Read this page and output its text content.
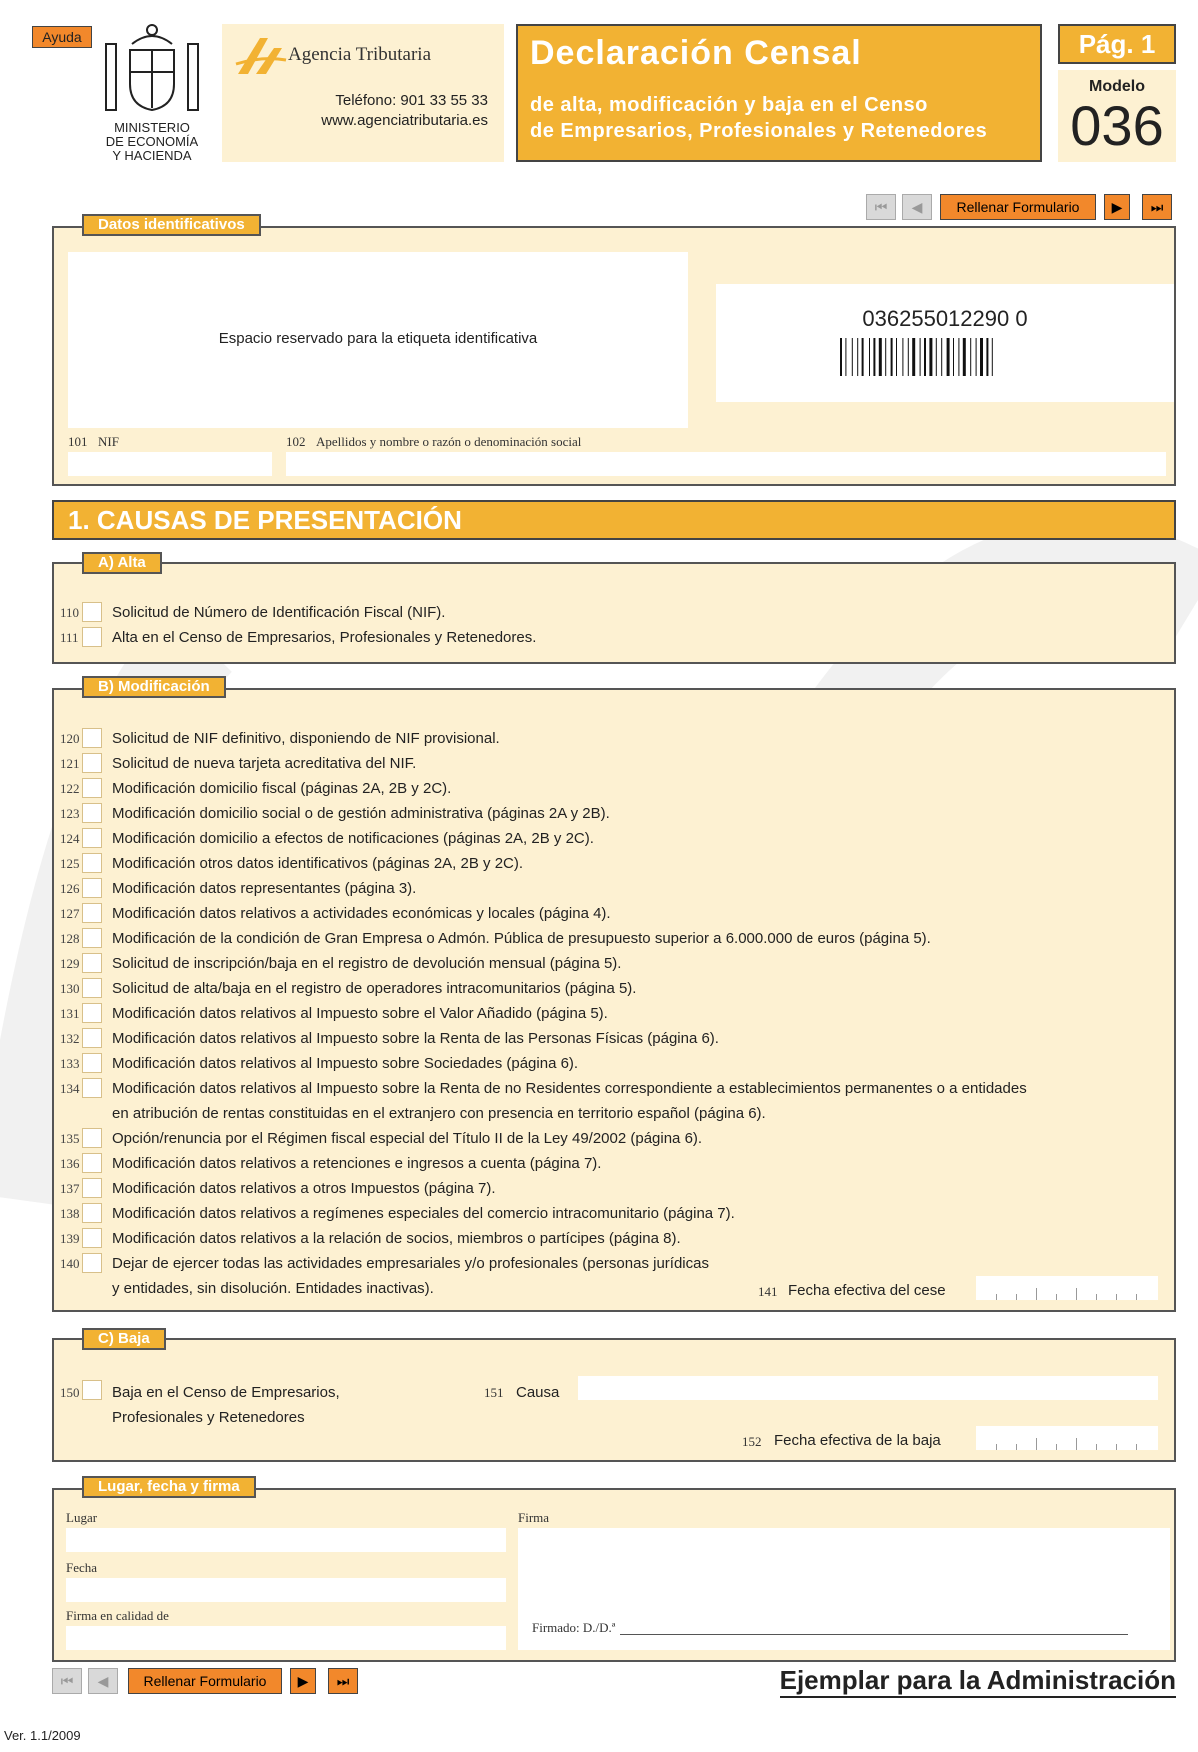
Ayuda
MINISTERIO
DE ECONOMÍA
Y HACIENDA
Agencia Tributaria
Teléfono: 901 33 55 33
www.agenciatributaria.es
Declaración Censal
de alta, modificación y baja en el Censo
de Empresarios, Profesionales y Retenedores
Pág. 1
Modelo
036
⏮ ◀ Rellenar Formulario ▶ ⏭
Espacio reservado para la etiqueta identificativa
036255012290 0
101 NIF	102 Apellidos y nombre o razón o denominación social
Datos identificativos
1. CAUSAS DE PRESENTACIÓN
110 Solicitud de Número de Identificación Fiscal (NIF).
111 Alta en el Censo de Empresarios, Profesionales y Retenedores.
A) Alta
120 Solicitud de NIF definitivo, disponiendo de NIF provisional.
121 Solicitud de nueva tarjeta acreditativa del NIF.
122 Modificación domicilio fiscal (páginas 2A, 2B y 2C).
123 Modificación domicilio social o de gestión administrativa (páginas 2A y 2B).
124 Modificación domicilio a efectos de notificaciones (páginas 2A, 2B y 2C).
125 Modificación otros datos identificativos (páginas 2A, 2B y 2C).
126 Modificación datos representantes (página 3).
127 Modificación datos relativos a actividades económicas y locales (página 4).
128 Modificación de la condición de Gran Empresa o Admón. Pública de presupuesto superior a 6.000.000 de euros (página 5).
129 Solicitud de inscripción/baja en el registro de devolución mensual (página 5).
130 Solicitud de alta/baja en el registro de operadores intracomunitarios (página 5).
131 Modificación datos relativos al Impuesto sobre el Valor Añadido (página 5).
132 Modificación datos relativos al Impuesto sobre la Renta de las Personas Físicas (página 6).
133 Modificación datos relativos al Impuesto sobre Sociedades (página 6).
134 Modificación datos relativos al Impuesto sobre la Renta de no Residentes correspondiente a establecimientos permanentes o a entidades
en atribución de rentas constituidas en el extranjero con presencia en territorio español (página 6).
135 Opción/renuncia por el Régimen fiscal especial del Título II de la Ley 49/2002 (página 6).
136 Modificación datos relativos a retenciones e ingresos a cuenta (página 7).
137 Modificación datos relativos a otros Impuestos (página 7).
138 Modificación datos relativos a regímenes especiales del comercio intracomunitario (página 7).
139 Modificación datos relativos a la relación de socios, miembros o partícipes (página 8).
140 Dejar de ejercer todas las actividades empresariales y/o profesionales (personas jurídicas
y entidades, sin disolución. Entidades inactivas).	141 Fecha efectiva del cese
B) Modificación
150 Baja en el Censo de Empresarios,
Profesionales y Retenedores
151 Causa
152 Fecha efectiva de la baja
C) Baja
Lugar
Fecha
Firma en calidad de
Firma
Firmado: D./D.ª
Lugar, fecha y firma
⏮ ◀	Rellenar Formulario ▶ ⏭	Ejemplar para la Administración
Ver. 1.1/2009
